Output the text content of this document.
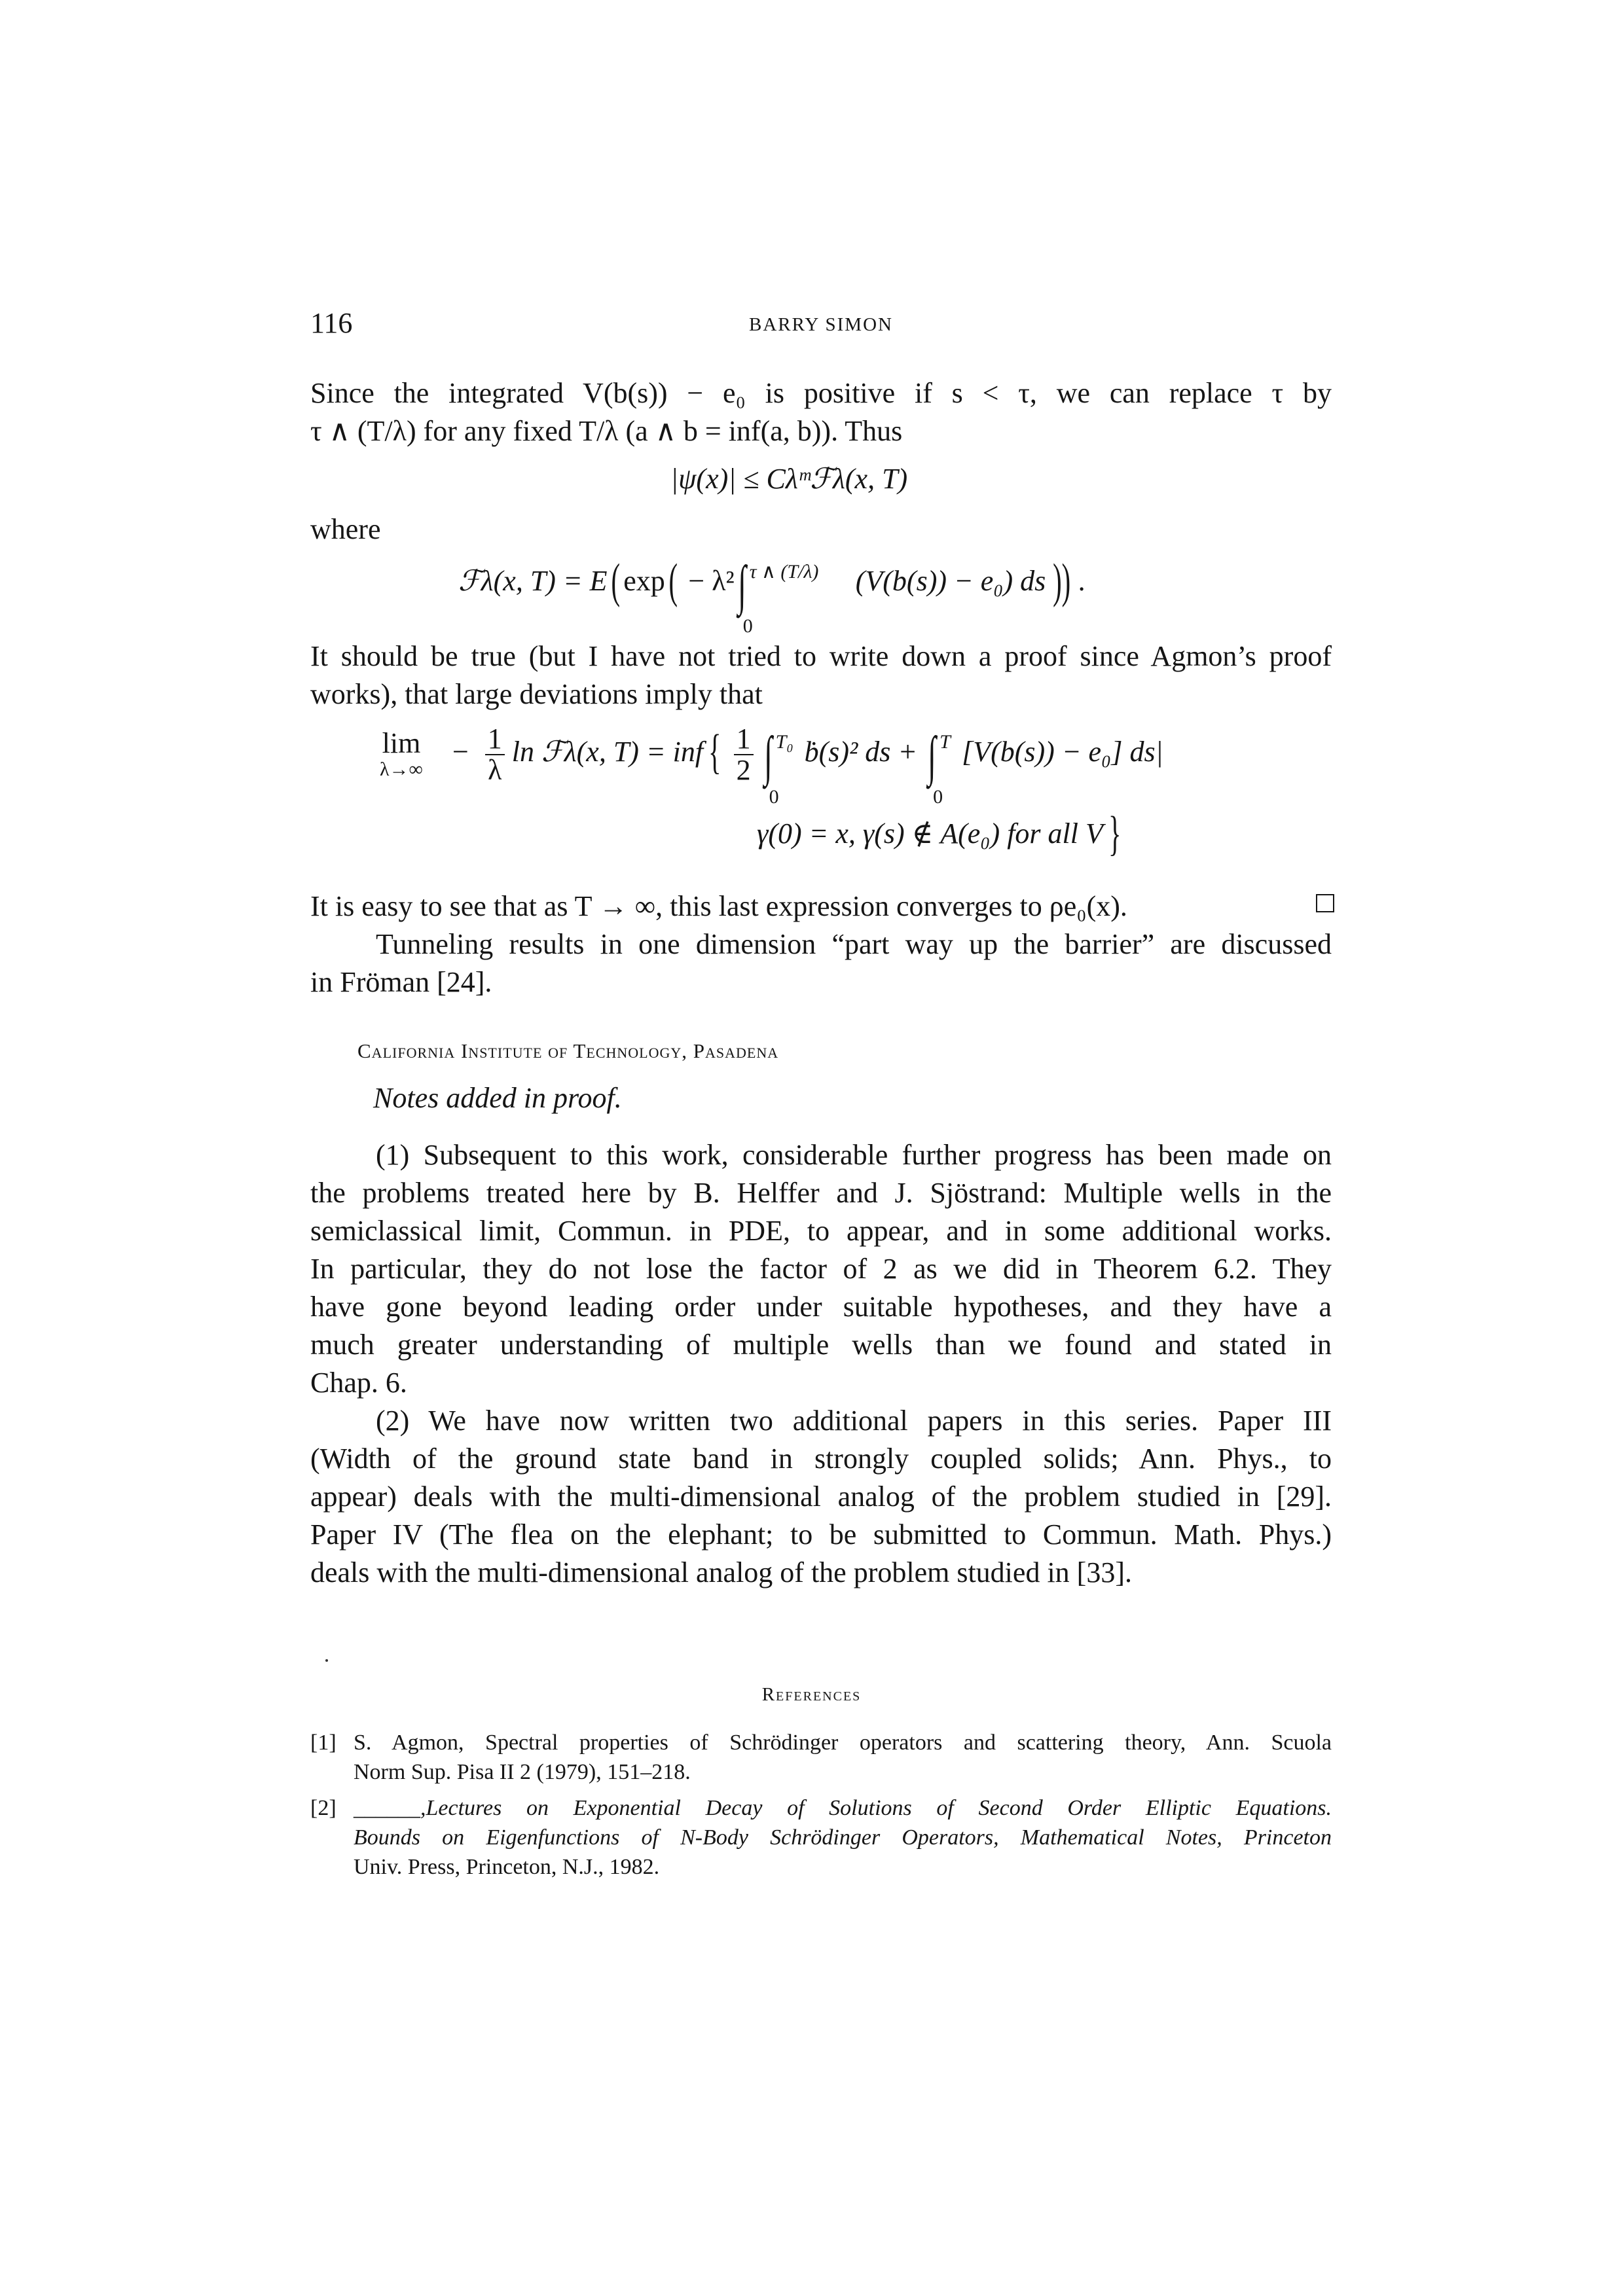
116	BARRY SIMON
Since the integrated V(b(s)) − e₀ is positive if s < τ, we can replace τ by
τ ∧ (T/λ) for any fixed T/λ (a ∧ b = inf(a, b)). Thus
|ψ(x)| ≤ Cλᵐℱλ(x, T)
where
ℱλ(x, T) = E( exp( − λ²∫ τ ∧ (T/λ)
0
(V(b(s)) − e₀) ds )) .
It should be true (but I have not tried to write down a proof since Agmon’s proof
works), that large deviations imply that
lim
λ→∞
− $\frac{1}{\lambda}$ ln ℱλ(x, T) = inf { $\frac{1}{2}$ ∫ T₀
0
ḃ(s)² ds + ∫ T
0
[V(b(s)) − e₀] ds|
γ(0) = x, γ(s) ∉ A(e₀) for all V }
It is easy to see that as T → ∞, this last expression converges to ρe₀(x).
Tunneling results in one dimension “part way up the barrier” are discussed
in Fröman [24].
California Institute of Technology, Pasadena
Notes added in proof.
(1) Subsequent to this work, considerable further progress has been made on
the problems treated here by B. Helffer and J. Sjöstrand: Multiple wells in the
semiclassical limit, Commun. in PDE, to appear, and in some additional works.
In particular, they do not lose the factor of 2 as we did in Theorem 6.2. They
have gone beyond leading order under suitable hypotheses, and they have a
much greater understanding of multiple wells than we found and stated in
Chap. 6.
(2) We have now written two additional papers in this series. Paper III
(Width of the ground state band in strongly coupled solids; Ann. Phys., to
appear) deals with the multi-dimensional analog of the problem studied in [29].
Paper IV (The flea on the elephant; to be submitted to Commun. Math. Phys.)
deals with the multi-dimensional analog of the problem studied in [33].
References
[1] S. Agmon, Spectral properties of Schrödinger operators and scattering theory, Ann. Scuola
Norm Sup. Pisa II 2 (1979), 151–218.
[2] ______,Lectures on Exponential Decay of Solutions of Second Order Elliptic Equations.
Bounds on Eigenfunctions of N-Body Schrödinger Operators, Mathematical Notes, Princeton
Univ. Press, Princeton, N.J., 1982.
